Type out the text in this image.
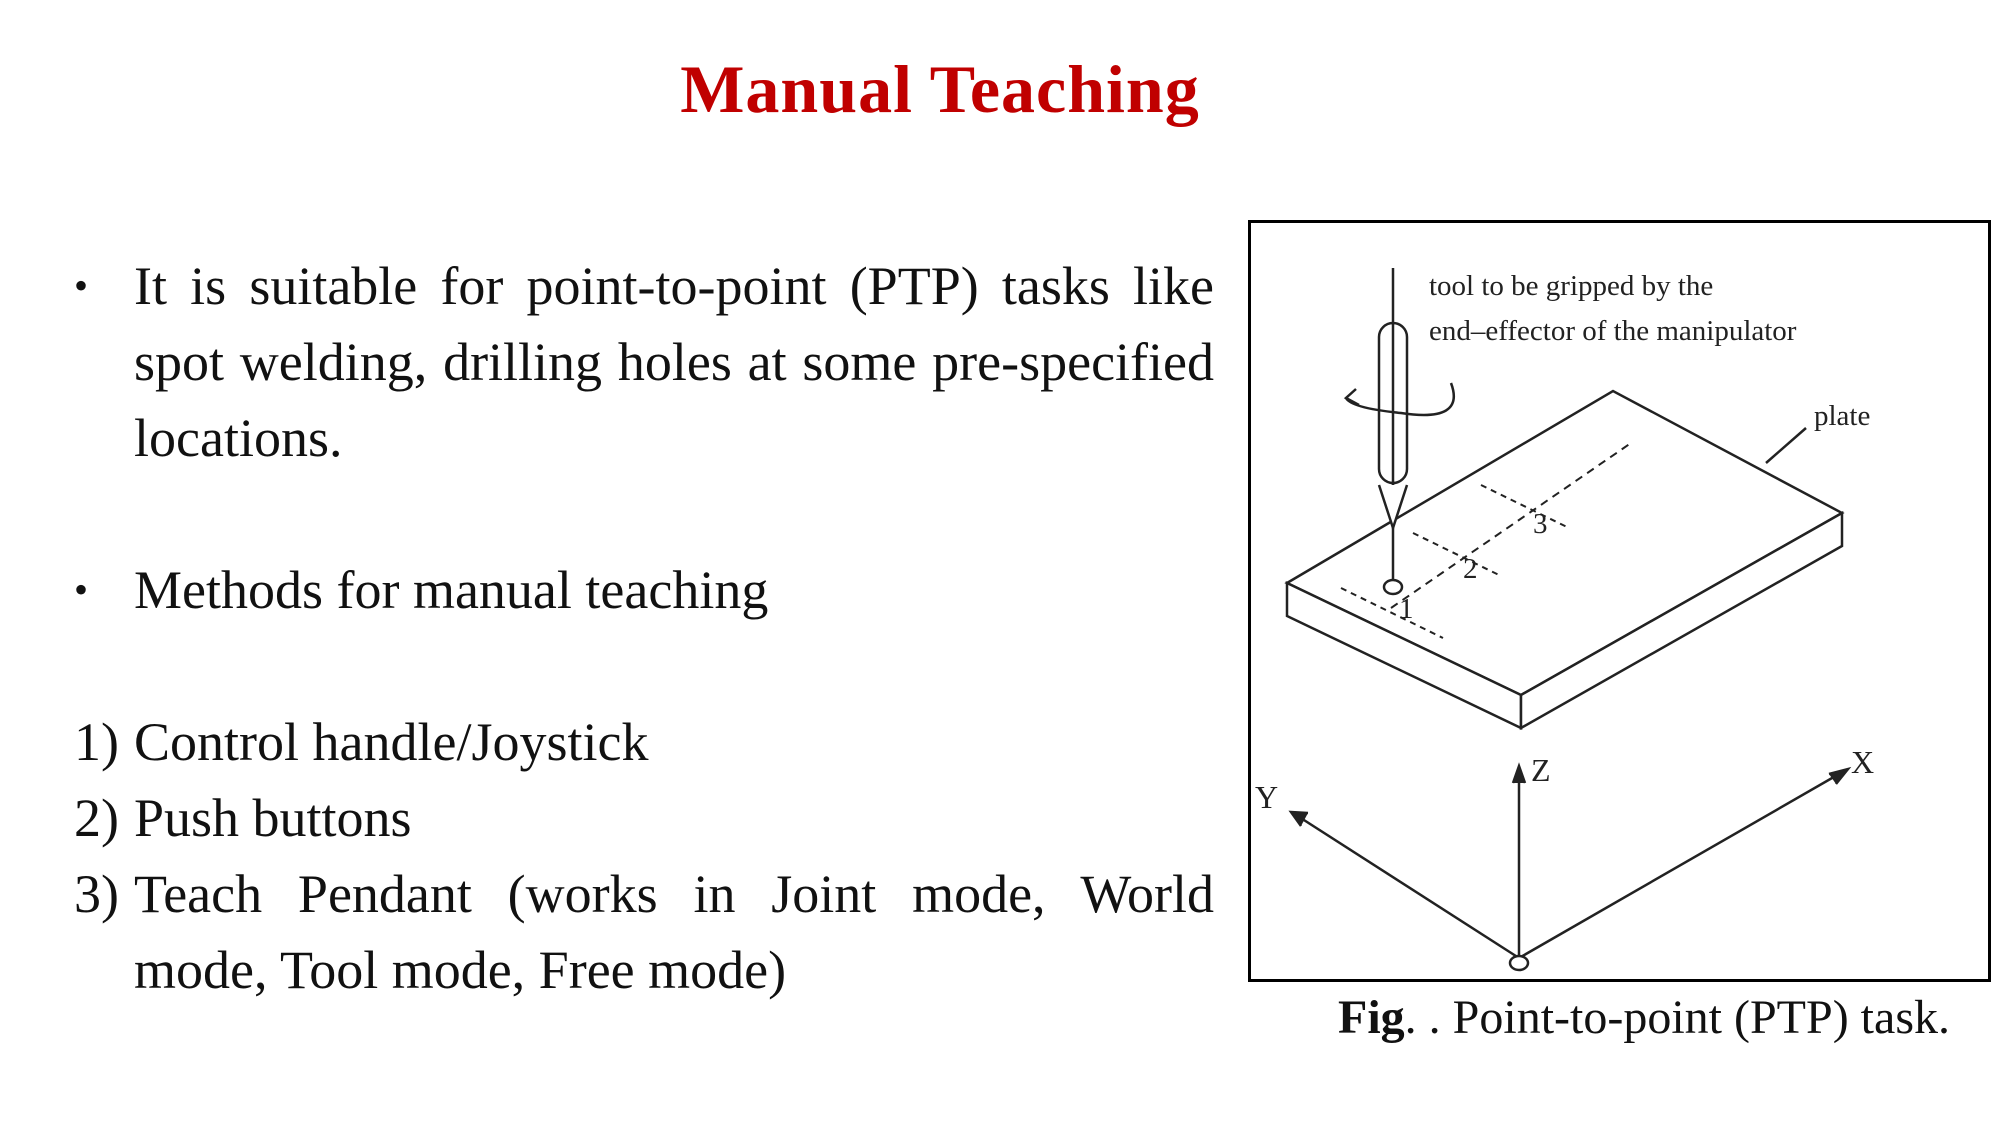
Manual Teaching
• It is suitable for point-to-point (PTP) tasks like spot welding, drilling holes at some pre-specified locations.
• Methods for manual teaching
1) Control handle/Joystick
2) Push buttons
3) Teach Pendant (works in Joint mode, World mode, Tool mode, Free mode)
tool to be gripped by the
end–effector of the manipulator
plate
1
2
3
Z	X
Y
Fig. . Point-to-point (PTP) task.
